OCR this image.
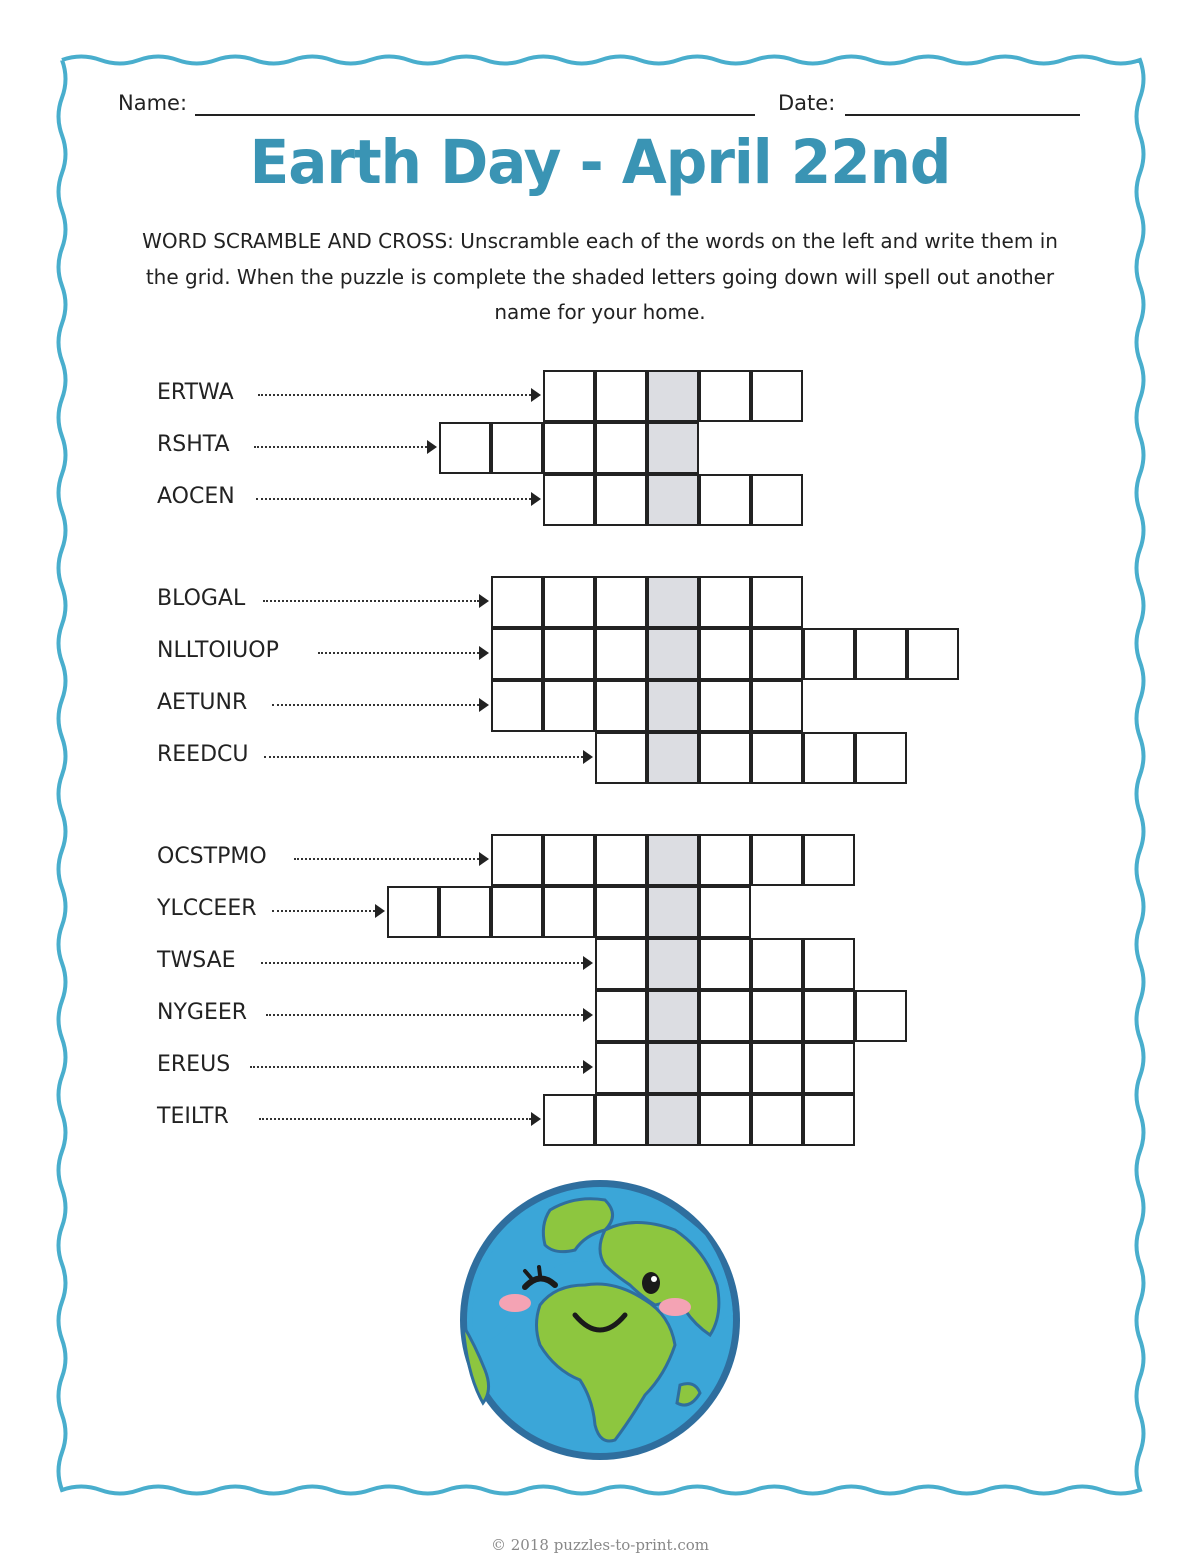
Name:	Date:
Earth Day - April 22nd
WORD SCRAMBLE AND CROSS: Unscramble each of the words on the left and write them in the grid. When the puzzle is complete the shaded letters going down will spell out another name for your home.
ERTWA
RSHTA
AOCEN
BLOGAL
NLLTOIUOP
AETUNR
REEDCU
OCSTPMO
YLCCEER
TWSAE
NYGEER
EREUS
TEILTR
© 2018 puzzles-to-print.com
